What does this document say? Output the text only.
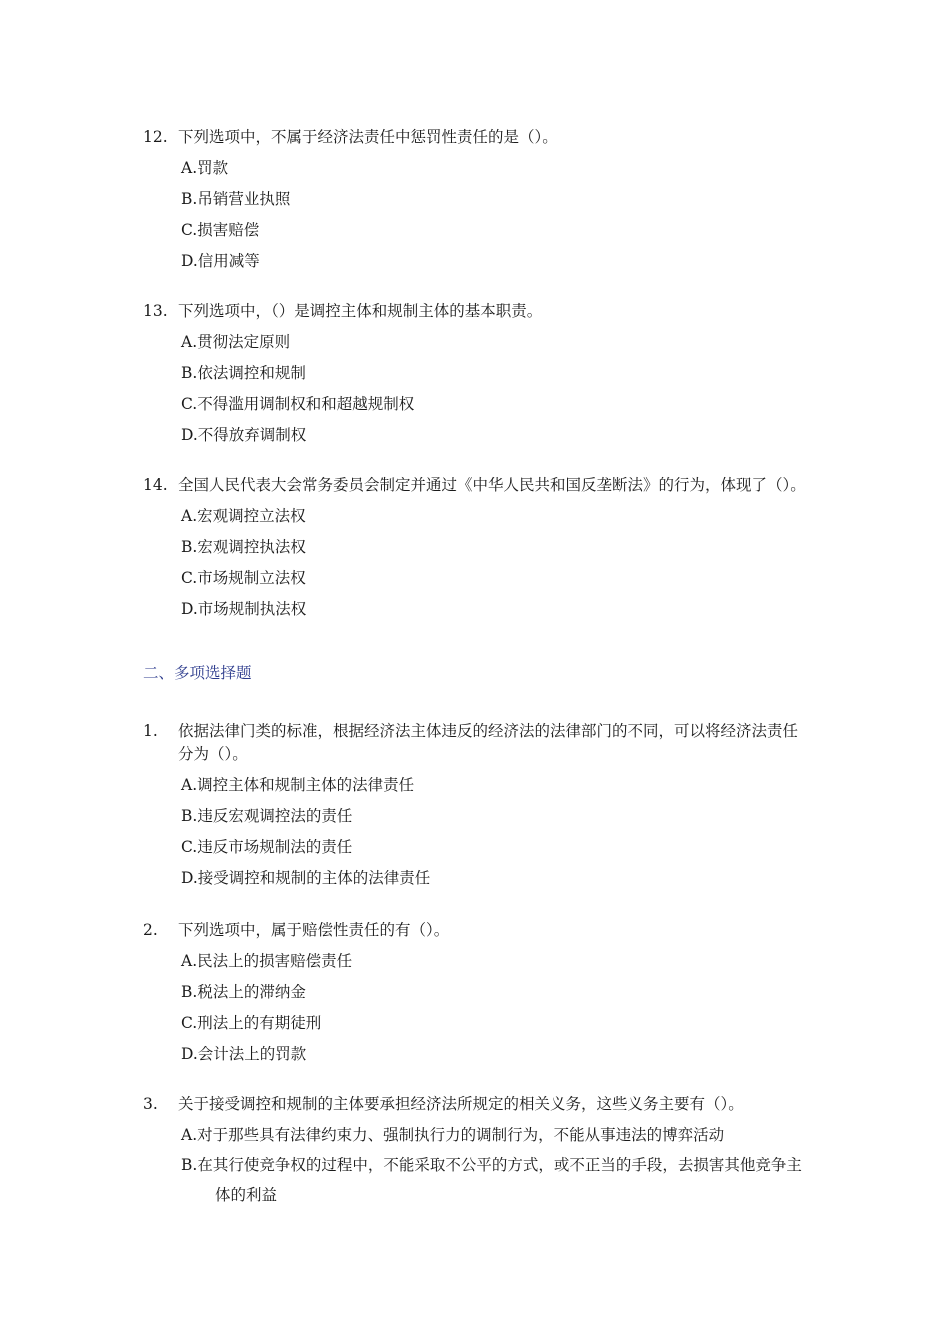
12. 下列选项中，不属于经济法责任中惩罚性责任的是（）。
A.罚款
B.吊销营业执照
C.损害赔偿
D.信用减等
13. 下列选项中，（）是调控主体和规制主体的基本职责。
A.贯彻法定原则
B.依法调控和规制
C.不得滥用调制权和和超越规制权
D.不得放弃调制权
14. 全国人民代表大会常务委员会制定并通过《中华人民共和国反垄断法》的行为，体现了（）。
A.宏观调控立法权
B.宏观调控执法权
C.市场规制立法权
D.市场规制执法权
二、多项选择题
1.	依据法律门类的标准，根据经济法主体违反的经济法的法律部门的不同，可以将经济法责任分为（）。
A.调控主体和规制主体的法律责任
B.违反宏观调控法的责任
C.违反市场规制法的责任
D.接受调控和规制的主体的法律责任
2.	下列选项中，属于赔偿性责任的有（）。
A.民法上的损害赔偿责任
B.税法上的滞纳金
C.刑法上的有期徒刑
D.会计法上的罚款
3.	关于接受调控和规制的主体要承担经济法所规定的相关义务，这些义务主要有（）。
A.对于那些具有法律约束力、强制执行力的调制行为，不能从事违法的博弈活动
B.在其行使竞争权的过程中，不能采取不公平的方式，或不正当的手段，去损害其他竞争主体的利益
